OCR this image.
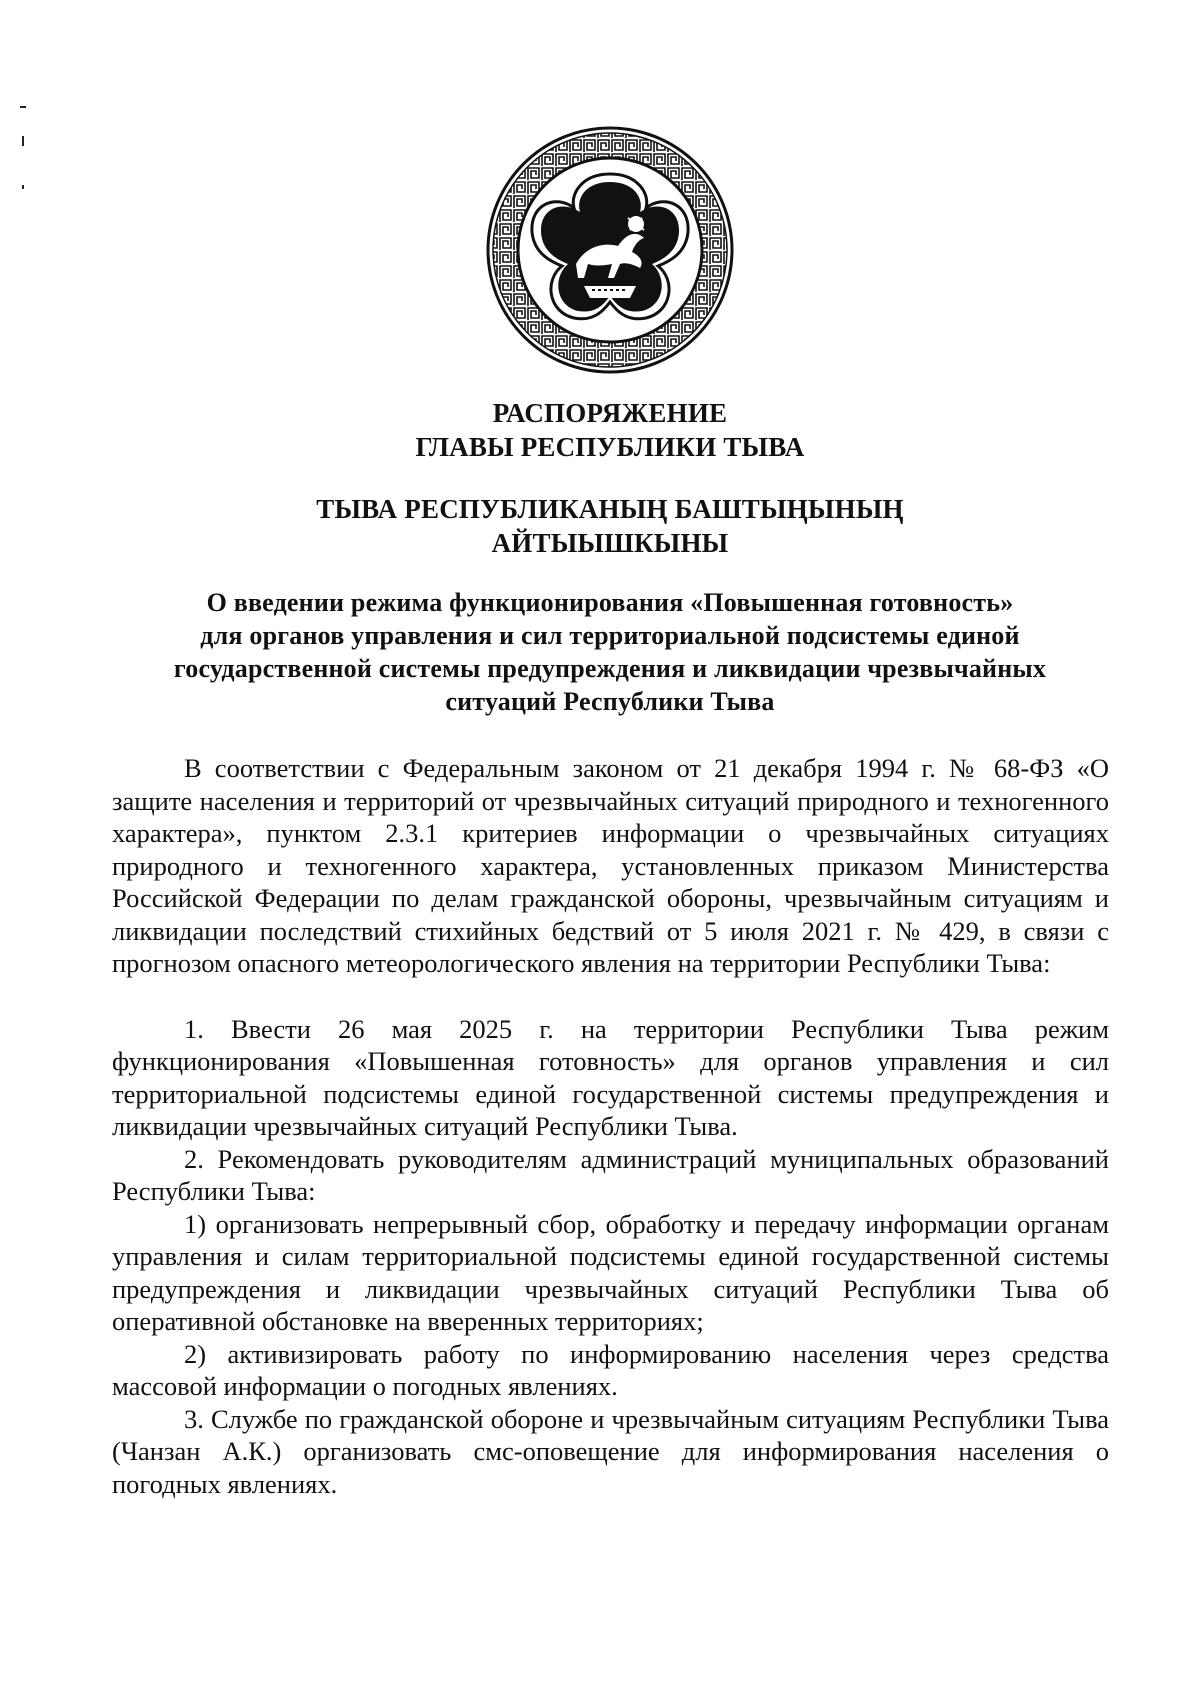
РАСПОРЯЖЕНИЕ
ГЛАВЫ РЕСПУБЛИКИ ТЫВА
ТЫВА РЕСПУБЛИКАНЫҢ БАШТЫҢЫНЫҢ
АЙТЫЫШКЫНЫ
О введении режима функционирования «Повышенная готовность»
для органов управления и сил территориальной подсистемы единой
государственной системы предупреждения и ликвидации чрезвычайных
ситуаций Республики Тыва

В соответствии с Федеральным законом от 21 декабря 1994 г. № 68-ФЗ «О защите населения и территорий от чрезвычайных ситуаций природного и техногенного характера», пунктом 2.3.1 критериев информации о чрезвычайных ситуациях природного и техногенного характера, установленных приказом Министерства Российской Федерации по делам гражданской обороны, чрезвычайным ситуациям и ликвидации последствий стихийных бедствий от 5 июля 2021 г. № 429, в связи с прогнозом опасного метеорологического явления на территории Республики Тыва:

1. Ввести 26 мая 2025 г. на территории Республики Тыва режим функционирования «Повышенная готовность» для органов управления и сил территориальной подсистемы единой государственной системы предупреждения и ликвидации чрезвычайных ситуаций Республики Тыва.

2. Рекомендовать руководителям администраций муниципальных образований Республики Тыва:

1) организовать непрерывный сбор, обработку и передачу информации органам управления и силам территориальной подсистемы единой государственной системы предупреждения и ликвидации чрезвычайных ситуаций Республики Тыва об оперативной обстановке на вверенных территориях;

2) активизировать работу по информированию населения через средства массовой информации о погодных явлениях.

3. Службе по гражданской обороне и чрезвычайным ситуациям Республики Тыва (Чанзан А.К.) организовать смс-оповещение для информирования населения о погодных явлениях.
